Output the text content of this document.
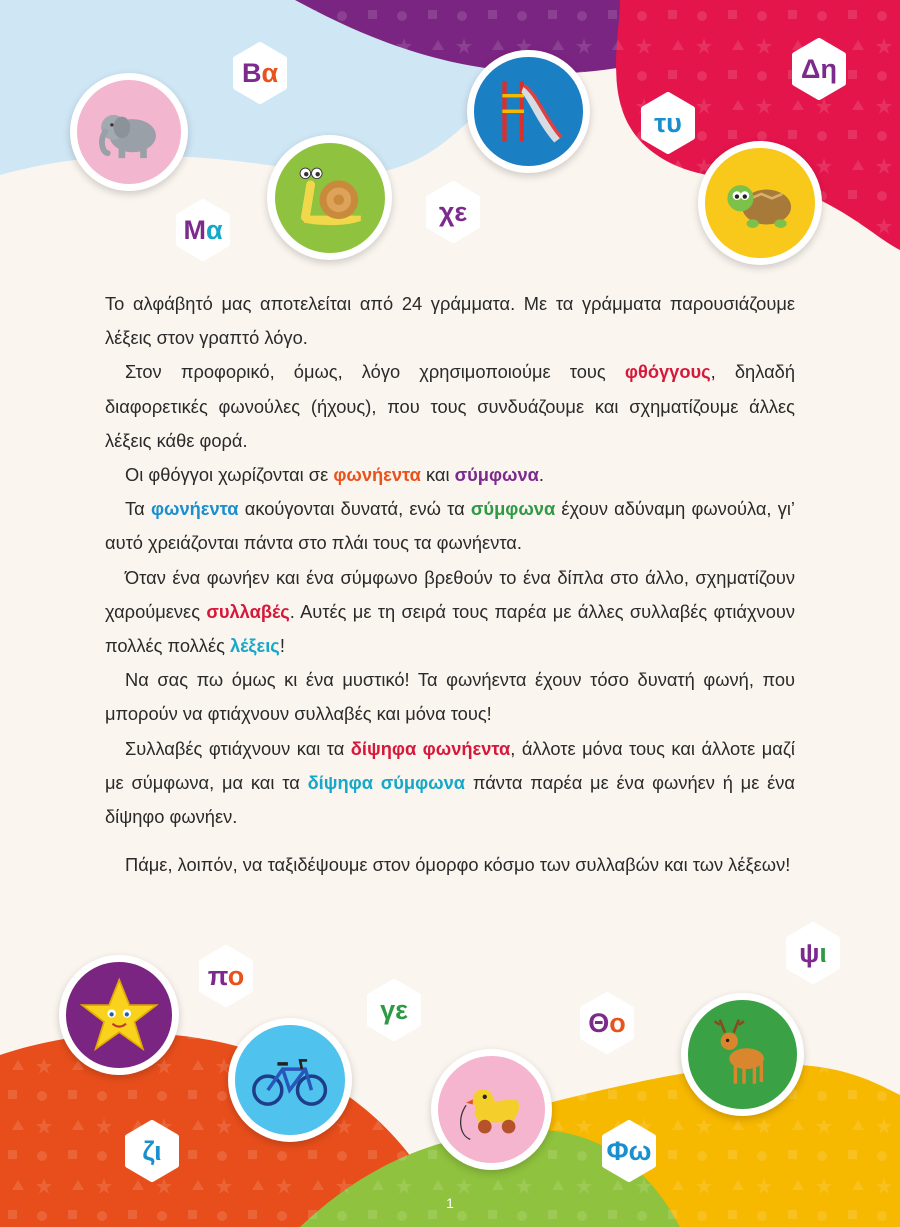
Βα	Δη
τυ
Μα
χε
πο
γε	Θο
ψι
ζι	Φω

Το αλφάβητό μας αποτελείται από 24 γράμματα. Με τα γράμματα παρουσιάζουμε λέξεις στον γραπτό λόγο.

Στον προφορικό, όμως, λόγο χρησιμοποιούμε τους φθόγγους, δηλαδή διαφορετικές φωνούλες (ήχους), που τους συνδυάζουμε και σχηματίζουμε άλλες λέξεις κάθε φορά.

Οι φθόγγοι χωρίζονται σε φωνήεντα και σύμφωνα.

Τα φωνήεντα ακούγονται δυνατά, ενώ τα σύμφωνα έχουν αδύναμη φωνούλα, γι’ αυτό χρειάζονται πάντα στο πλάι τους τα φωνήεντα.

Όταν ένα φωνήεν και ένα σύμφωνο βρεθούν το ένα δίπλα στο άλλο, σχηματίζουν χαρούμενες συλλαβές. Αυτές με τη σειρά τους παρέα με άλλες συλλαβές φτιάχνουν πολλές πολλές λέξεις!

Να σας πω όμως κι ένα μυστικό! Τα φωνήεντα έχουν τόσο δυνατή φωνή, που μπορούν να φτιάχνουν συλλαβές και μόνα τους!

Συλλαβές φτιάχνουν και τα δίψηφα φωνήεντα, άλλοτε μόνα τους και άλλοτε μαζί με σύμφωνα, μα και τα δίψηφα σύμφωνα πάντα παρέα με ένα φωνήεν ή με ένα δίψηφο φωνήεν.

Πάμε, λοιπόν, να ταξιδέψουμε στον όμορφο κόσμο των συλλαβών και των λέξεων!

1
